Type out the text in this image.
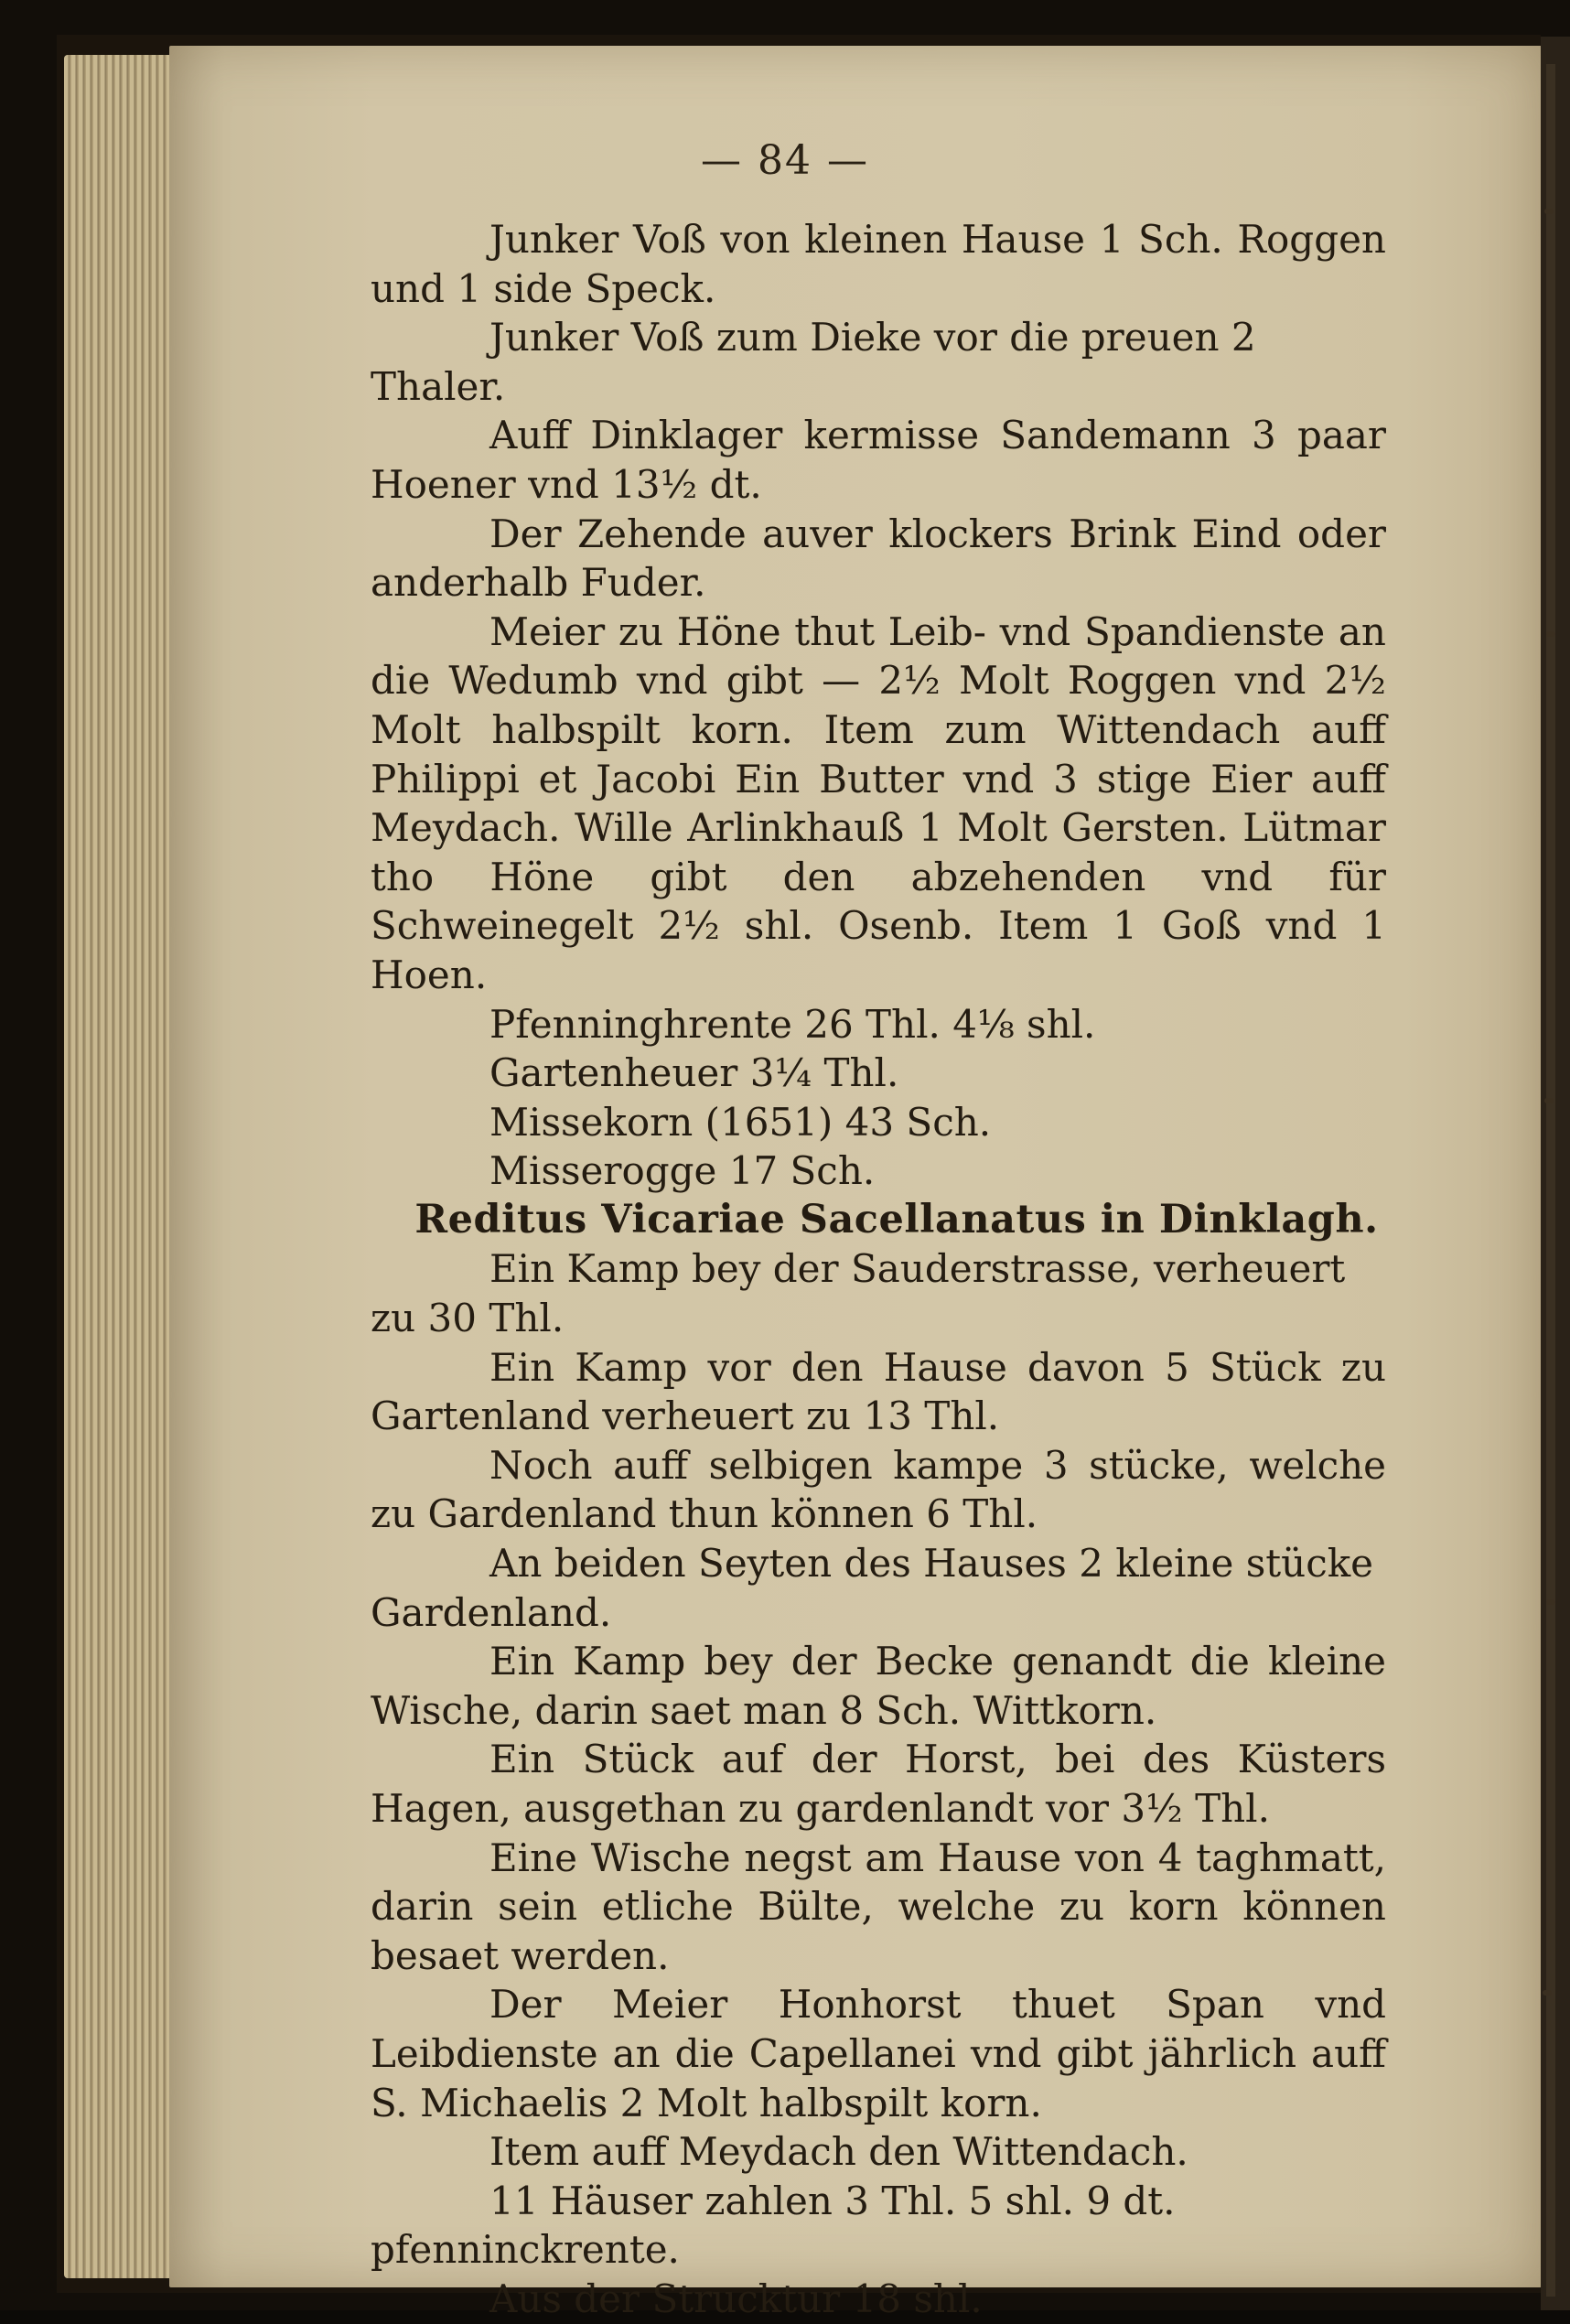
— 84 —
Junker Voß von kleinen Hause 1 Sch. Roggen und 1 side Speck.
Junker Voß zum Dieke vor die preuen 2 Thaler.
Auff Dinklager kermisse Sandemann 3 paar Hoener vnd 13½ dt.
Der Zehende auver klockers Brink Eind oder anderhalb Fuder.
Meier zu Höne thut Leib- vnd Spandienste an die Wedumb vnd gibt — 2½ Molt Roggen vnd 2½ Molt halbspilt korn. Item zum Wittendach auff Philippi et Jacobi Ein Butter vnd 3 stige Eier auff Meydach. Wille Arlinkhauß 1 Molt Gersten. Lütmar tho Höne gibt den abzehenden vnd für Schweinegelt 2½ shl. Osenb. Item 1 Goß vnd 1 Hoen.
Pfenninghrente 26 Thl. 4⅛ shl.
Gartenheuer 3¼ Thl.
Missekorn (1651) 43 Sch.
Misserogge 17 Sch.
Reditus Vicariae Sacellanatus in Dinklagh.
Ein Kamp bey der Sauderstrasse, verheuert zu 30 Thl.
Ein Kamp vor den Hause davon 5 Stück zu Gartenland verheuert zu 13 Thl.
Noch auff selbigen kampe 3 stücke, welche zu Gardenland thun können 6 Thl.
An beiden Seyten des Hauses 2 kleine stücke Gardenland.
Ein Kamp bey der Becke genandt die kleine Wische, darin saet man 8 Sch. Wittkorn.
Ein Stück auf der Horst, bei des Küsters Hagen, ausgethan zu gardenlandt vor 3½ Thl.
Eine Wische negst am Hause von 4 taghmatt, darin sein etliche Bülte, welche zu korn können besaet werden.
Der Meier Honhorst thuet Span vnd Leibdienste an die Capellanei vnd gibt jährlich auff S. Michaelis 2 Molt halbspilt korn.
Item auff Meydach den Wittendach.
11 Häuser zahlen 3 Thl. 5 shl. 9 dt. pfenninckrente.
Aus der Strucktur 18 shl.
